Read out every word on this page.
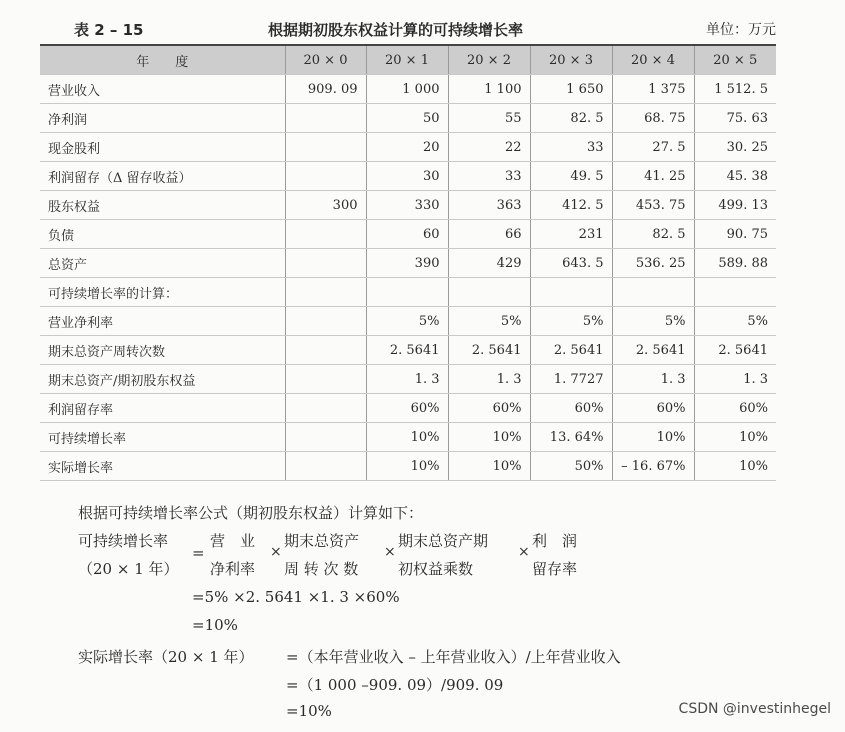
表 2 – 15	根据期初股东权益计算的可持续增长率	单位：万元
年　　度	20 × 0	20 × 1	20 × 2	20 × 3	20 × 4	20 × 5
营业收入	909. 09	1 000	1 100	1 650	1 375	1 512. 5
净利润		50	55	82. 5	68. 75	75. 63
现金股利		20	22	33	27. 5	30. 25
利润留存（Δ 留存收益）		30	33	49. 5	41. 25	45. 38
股东权益	300	330	363	412. 5	453. 75	499. 13
负债		60	66	231	82. 5	90. 75
总资产		390	429	643. 5	536. 25	589. 88
可持续增长率的计算：						
营业净利率		5%	5%	5%	5%	5%
期末总资产周转次数		2. 5641	2. 5641	2. 5641	2. 5641	2. 5641
期末总资产/期初股东权益		1. 3	1. 3	1. 7727	1. 3	1. 3
利润留存率		60%	60%	60%	60%	60%
可持续增长率		10%	10%	13. 64%	10%	10%
实际增长率		10%	10%	50%	– 16. 67%	10%
根据可持续增长率公式（期初股东权益）计算如下：
可持续增长率
（20 × 1 年）
=
营　业
净利率
×
期末总资产
周 转 次 数
×
期末总资产期
初权益乘数
×
利　润
留存率
=5% ×2. 5641 ×1. 3 ×60%
=10%
实际增长率（20 × 1 年） =（本年营业收入 – 上年营业收入）/上年营业收入
=（1 000 –909. 09）/909. 09
=10%	CSDN @investinhegel
